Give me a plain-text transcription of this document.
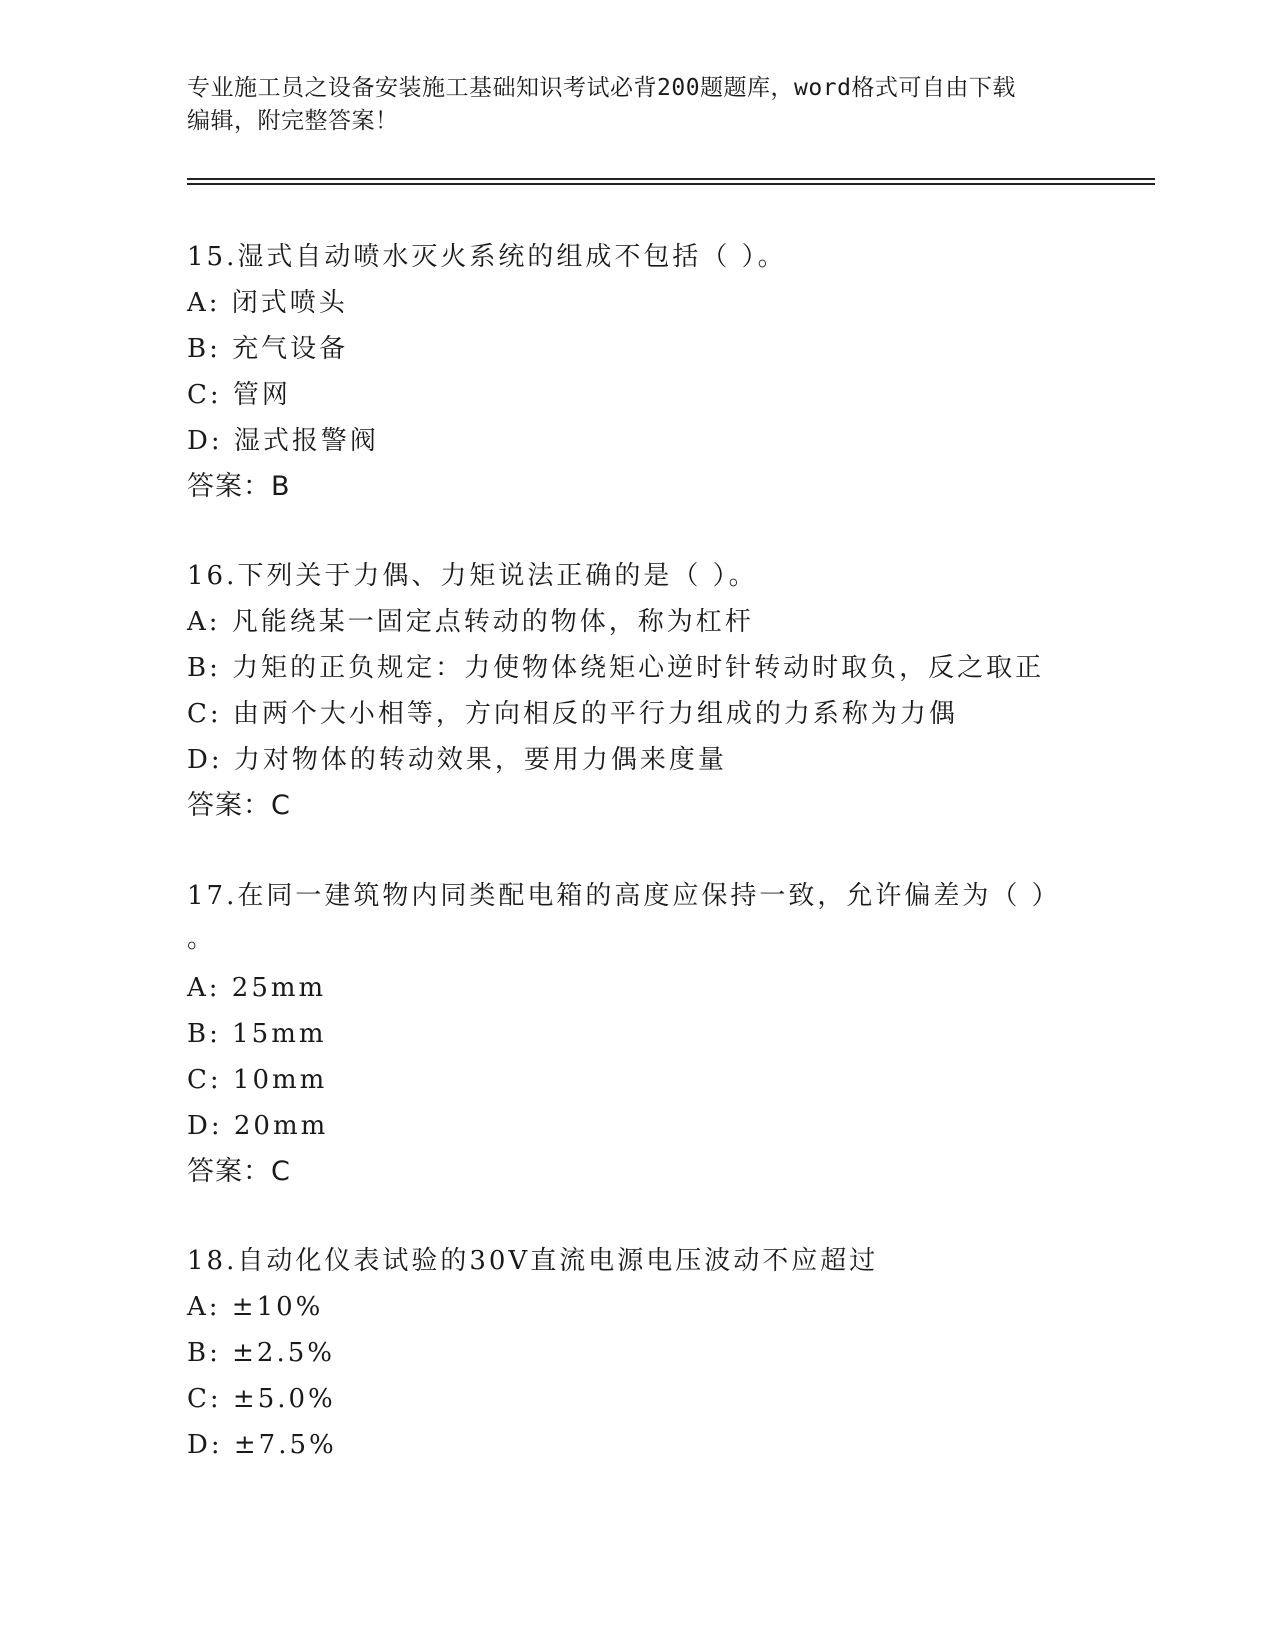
专业施工员之设备安装施工基础知识考试必背200题题库，word格式可自由下载
编辑，附完整答案！
15.湿式自动喷水灭火系统的组成不包括（ ）。
A: 闭式喷头
B: 充气设备
C: 管网
D: 湿式报警阀
答案：B
16.下列关于力偶、力矩说法正确的是（ ）。
A: 凡能绕某一固定点转动的物体，称为杠杆
B: 力矩的正负规定：力使物体绕矩心逆时针转动时取负，反之取正
C: 由两个大小相等，方向相反的平行力组成的力系称为力偶
D: 力对物体的转动效果，要用力偶来度量
答案：C
17.在同一建筑物内同类配电箱的高度应保持一致，允许偏差为（ ）
。
A: 25mm
B: 15mm
C: 10mm
D: 20mm
答案：C
18.自动化仪表试验的30V直流电源电压波动不应超过
A: ±10%
B: ±2.5%
C: ±5.0%
D: ±7.5%
